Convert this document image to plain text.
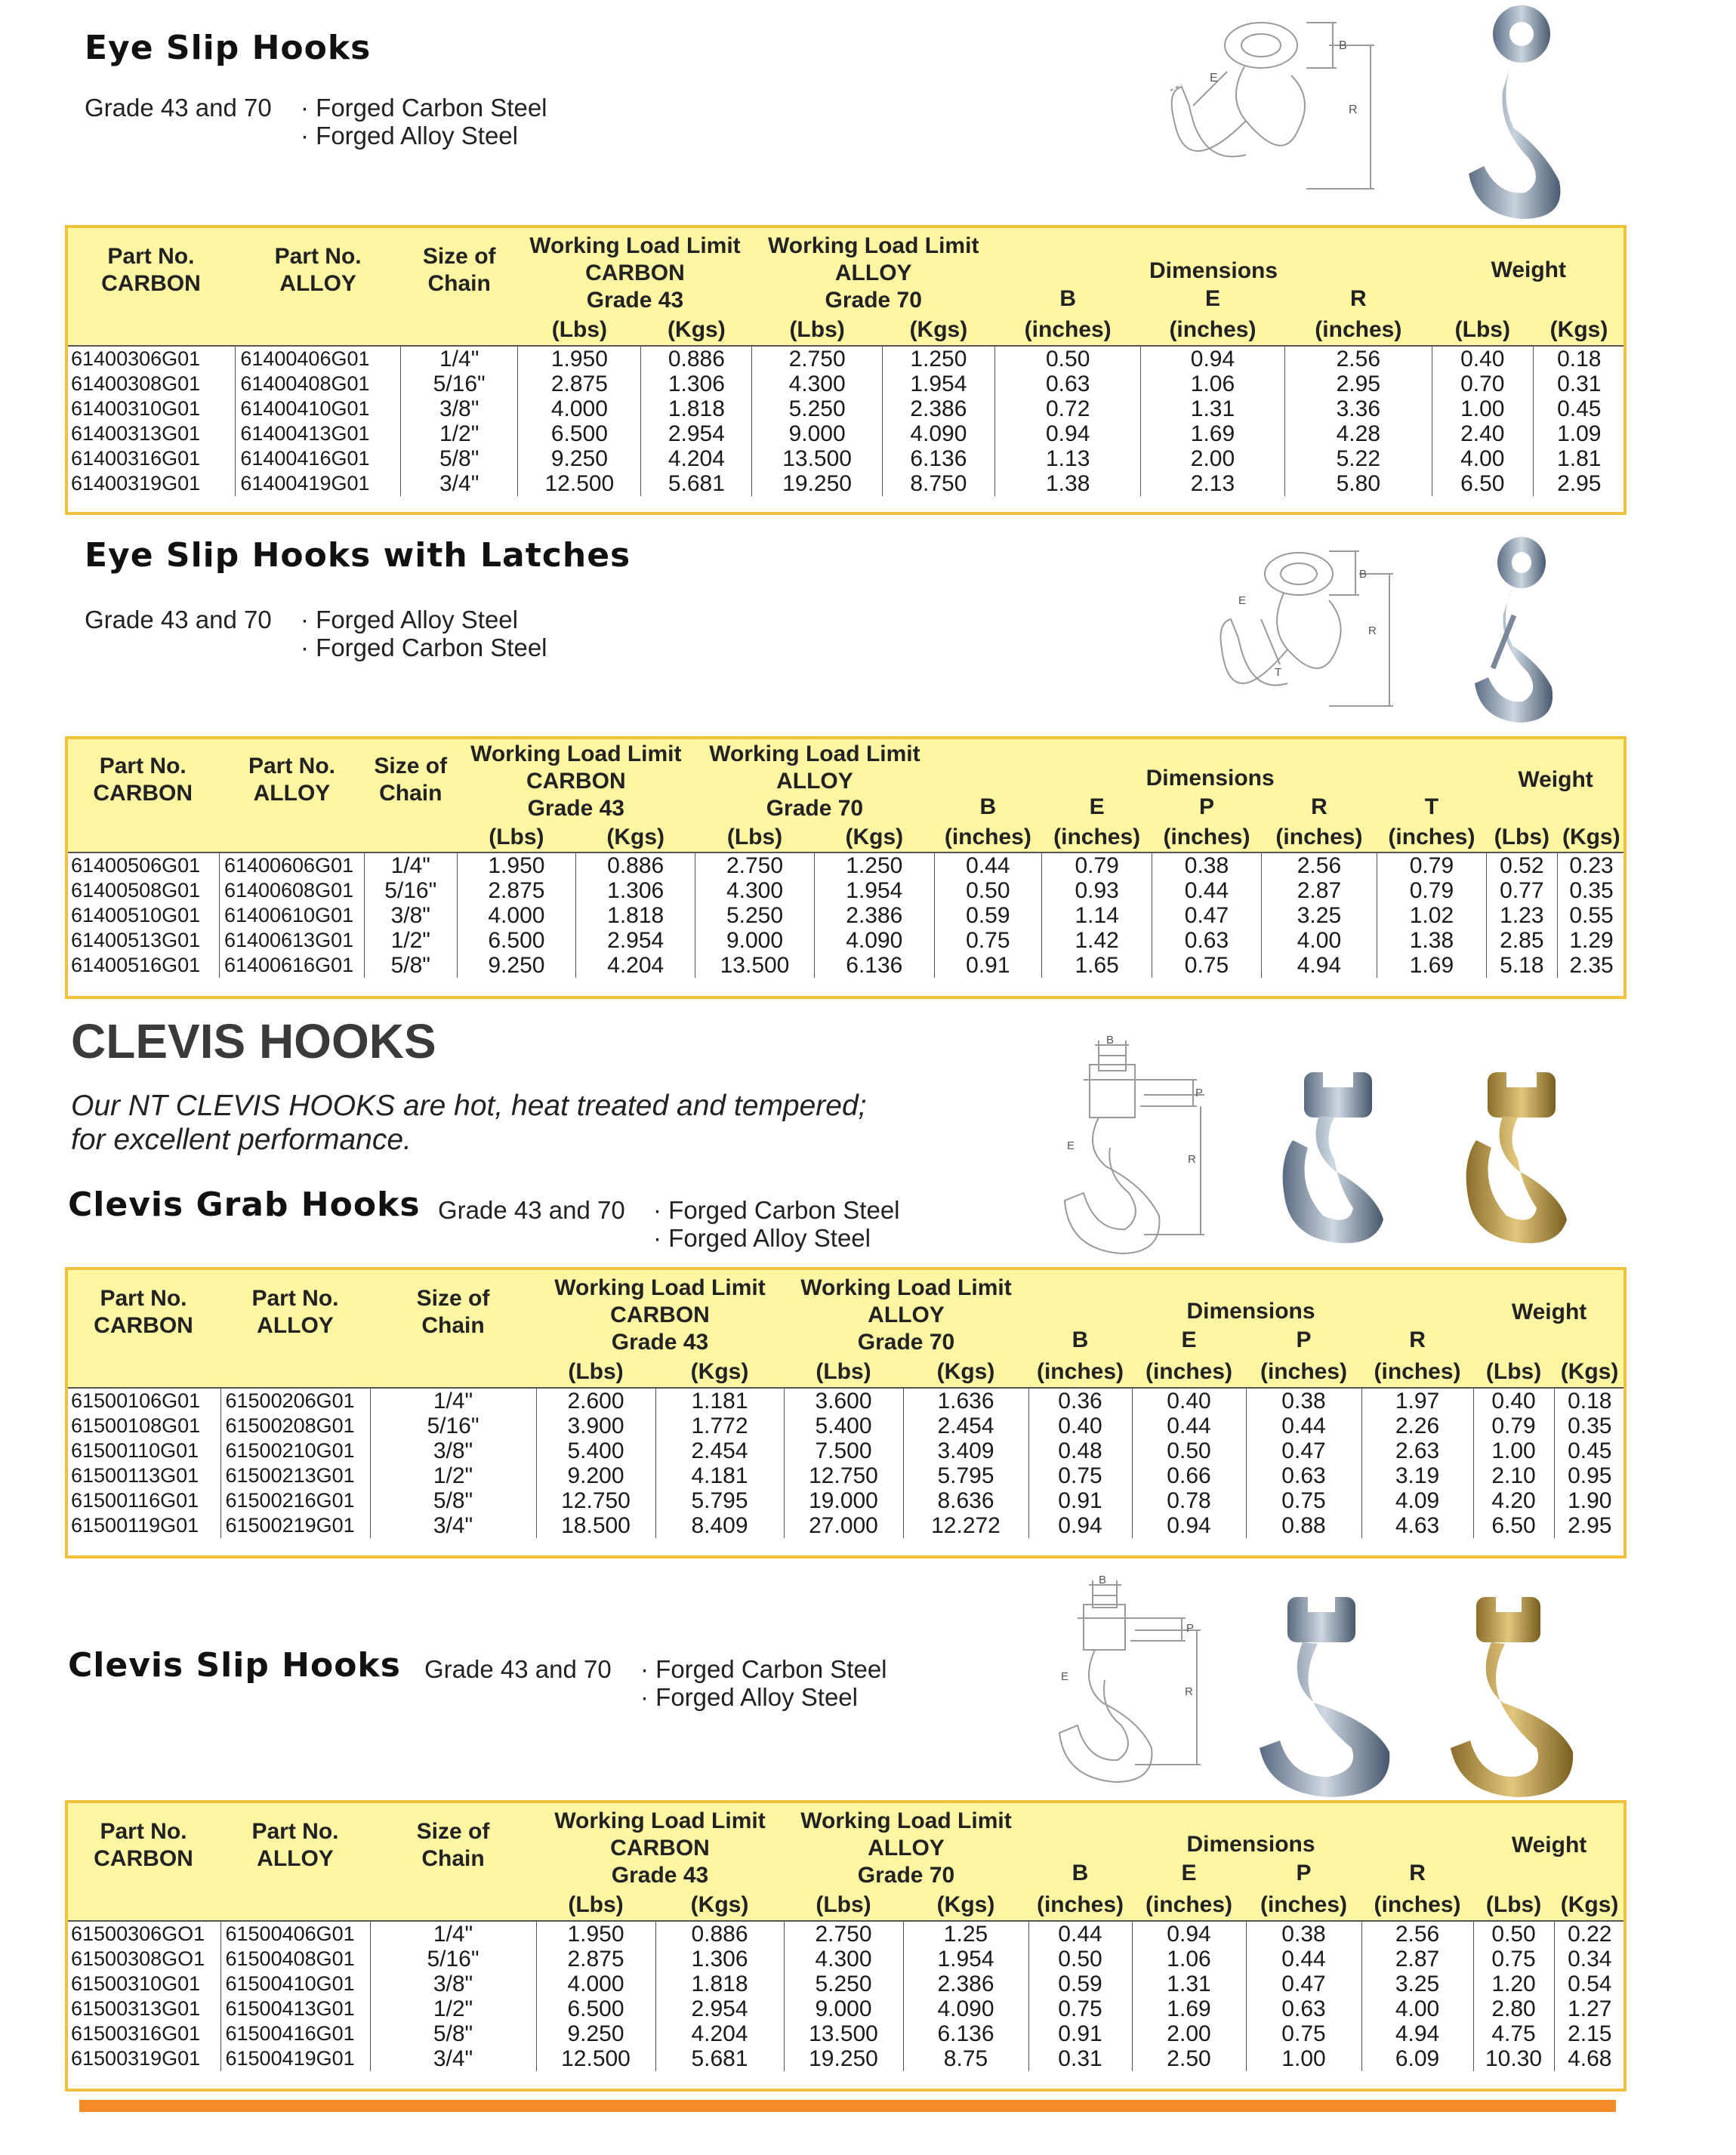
Eye Slip Hooks
Grade 43 and 70 · Forged Carbon Steel
· Forged Alloy Steel
B
E
R
Part No.
CARBON	Part No.
ALLOY	Size of
Chain	Working Load Limit
CARBON
Grade 43		Working Load Limit
ALLOY
Grade 70		Dimensions			Weight	
							B	E	R		
			(Lbs)	(Kgs)	(Lbs)	(Kgs)	(inches)	(inches)	(inches)	(Lbs)	(Kgs)
61400306G01	61400406G01	1/4"	1.950	0.886	2.750	1.250	0.50	0.94	2.56	0.40	0.18
61400308G01	61400408G01	5/16"	2.875	1.306	4.300	1.954	0.63	1.06	2.95	0.70	0.31
61400310G01	61400410G01	3/8"	4.000	1.818	5.250	2.386	0.72	1.31	3.36	1.00	0.45
61400313G01	61400413G01	1/2"	6.500	2.954	9.000	4.090	0.94	1.69	4.28	2.40	1.09
61400316G01	61400416G01	5/8"	9.250	4.204	13.500	6.136	1.13	2.00	5.22	4.00	1.81
61400319G01	61400419G01	3/4"	12.500	5.681	19.250	8.750	1.38	2.13	5.80	6.50	2.95
Eye Slip Hooks with Latches
Grade 43 and 70 · Forged Alloy Steel
· Forged Carbon Steel
B
E
R
T
Part No.
CARBON	Part No.
ALLOY	Size of
Chain	Working Load Limit
CARBON
Grade 43		Working Load Limit
ALLOY
Grade 70		Dimensions					Weight	
							B	E	P	R	T		
			(Lbs)	(Kgs)	(Lbs)	(Kgs)	(inches)	(inches)	(inches)	(inches)	(inches)	(Lbs)	(Kgs)
61400506G01	61400606G01	1/4"	1.950	0.886	2.750	1.250	0.44	0.79	0.38	2.56	0.79	0.52	0.23
61400508G01	61400608G01	5/16"	2.875	1.306	4.300	1.954	0.50	0.93	0.44	2.87	0.79	0.77	0.35
61400510G01	61400610G01	3/8"	4.000	1.818	5.250	2.386	0.59	1.14	0.47	3.25	1.02	1.23	0.55
61400513G01	61400613G01	1/2"	6.500	2.954	9.000	4.090	0.75	1.42	0.63	4.00	1.38	2.85	1.29
61400516G01	61400616G01	5/8"	9.250	4.204	13.500	6.136	0.91	1.65	0.75	4.94	1.69	5.18	2.35
CLEVIS HOOKS
Our NT CLEVIS HOOKS are hot, heat treated and tempered;
for excellent performance.
Clevis Grab Hooks Grade 43 and 70 · Forged Carbon Steel
· Forged Alloy Steel
B
E
P
R
Part No.
CARBON	Part No.
ALLOY	Size of
Chain	Working Load Limit
CARBON
Grade 43		Working Load Limit
ALLOY
Grade 70		Dimensions				Weight	
							B	E	P	R		
			(Lbs)	(Kgs)	(Lbs)	(Kgs)	(inches)	(inches)	(inches)	(inches)	(Lbs)	(Kgs)
61500106G01	61500206G01	1/4"	2.600	1.181	3.600	1.636	0.36	0.40	0.38	1.97	0.40	0.18
61500108G01	61500208G01	5/16"	3.900	1.772	5.400	2.454	0.40	0.44	0.44	2.26	0.79	0.35
61500110G01	61500210G01	3/8"	5.400	2.454	7.500	3.409	0.48	0.50	0.47	2.63	1.00	0.45
61500113G01	61500213G01	1/2"	9.200	4.181	12.750	5.795	0.75	0.66	0.63	3.19	2.10	0.95
61500116G01	61500216G01	5/8"	12.750	5.795	19.000	8.636	0.91	0.78	0.75	4.09	4.20	1.90
61500119G01	61500219G01	3/4"	18.500	8.409	27.000	12.272	0.94	0.94	0.88	4.63	6.50	2.95
Clevis Slip Hooks Grade 43 and 70 · Forged Carbon Steel
· Forged Alloy Steel
B
E
P
R
Part No.
CARBON	Part No.
ALLOY	Size of
Chain	Working Load Limit
CARBON
Grade 43		Working Load Limit
ALLOY
Grade 70		Dimensions				Weight	
							B	E	P	R		
			(Lbs)	(Kgs)	(Lbs)	(Kgs)	(inches)	(inches)	(inches)	(inches)	(Lbs)	(Kgs)
61500306GO1	61500406G01	1/4"	1.950	0.886	2.750	1.25	0.44	0.94	0.38	2.56	0.50	0.22
61500308GO1	61500408G01	5/16"	2.875	1.306	4.300	1.954	0.50	1.06	0.44	2.87	0.75	0.34
61500310G01	61500410G01	3/8"	4.000	1.818	5.250	2.386	0.59	1.31	0.47	3.25	1.20	0.54
61500313G01	61500413G01	1/2"	6.500	2.954	9.000	4.090	0.75	1.69	0.63	4.00	2.80	1.27
61500316G01	61500416G01	5/8"	9.250	4.204	13.500	6.136	0.91	2.00	0.75	4.94	4.75	2.15
61500319G01	61500419G01	3/4"	12.500	5.681	19.250	8.75	0.31	2.50	1.00	6.09	10.30	4.68
